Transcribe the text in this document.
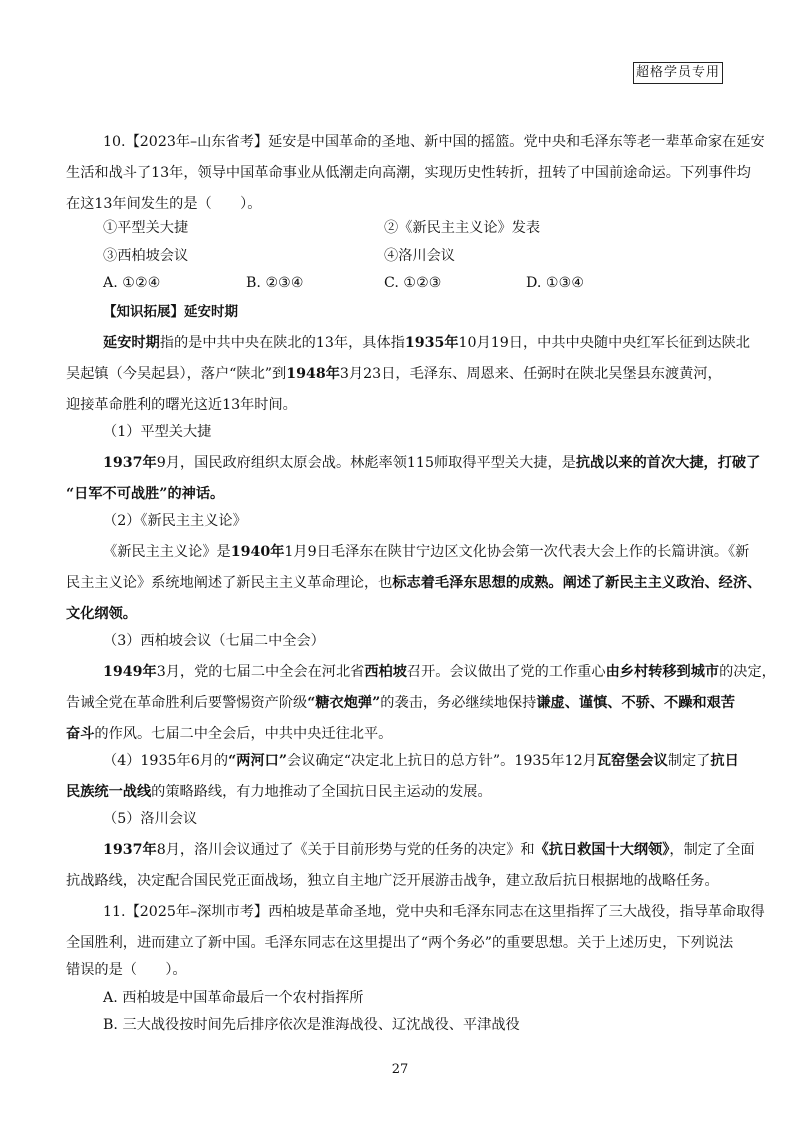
超格学员专用
10.【2023年–山东省考】延安是中国革命的圣地、新中国的摇篮。党中央和毛泽东等老一辈革命家在延安
生活和战斗了13年，领导中国革命事业从低潮走向高潮，实现历史性转折，扭转了中国前途命运。下列事件均
在这13年间发生的是（　　）。
①平型关大捷	②《新民主主义论》发表
③西柏坡会议	④洛川会议
A. ①②④	B. ②③④	C. ①②③	D. ①③④
【知识拓展】延安时期
延安时期指的是中共中央在陕北的13年，具体指1935年10月19日，中共中央随中央红军长征到达陕北
吴起镇（今吴起县），落户“陕北”到1948年3月23日，毛泽东、周恩来、任弼时在陕北吴堡县东渡黄河，
迎接革命胜利的曙光这近13年时间。
（1）平型关大捷
1937年9月，国民政府组织太原会战。林彪率领115师取得平型关大捷，是抗战以来的首次大捷，打破了
“日军不可战胜”的神话。
（2）《新民主主义论》
《新民主主义论》是1940年1月9日毛泽东在陕甘宁边区文化协会第一次代表大会上作的长篇讲演。《新
民主主义论》系统地阐述了新民主主义革命理论，也标志着毛泽东思想的成熟。阐述了新民主主义政治、经济、
文化纲领。
（3）西柏坡会议（七届二中全会）
1949年3月，党的七届二中全会在河北省西柏坡召开。会议做出了党的工作重心由乡村转移到城市的决定，
告诫全党在革命胜利后要警惕资产阶级“糖衣炮弹”的袭击，务必继续地保持谦虚、谨慎、不骄、不躁和艰苦
奋斗的作风。七届二中全会后，中共中央迁往北平。
（4）1935年6月的“两河口”会议确定“决定北上抗日的总方针”。1935年12月瓦窑堡会议制定了抗日
民族统一战线的策略路线，有力地推动了全国抗日民主运动的发展。
（5）洛川会议
1937年8月，洛川会议通过了《关于目前形势与党的任务的决定》和《抗日救国十大纲领》，制定了全面
抗战路线，决定配合国民党正面战场，独立自主地广泛开展游击战争，建立敌后抗日根据地的战略任务。
11.【2025年–深圳市考】西柏坡是革命圣地，党中央和毛泽东同志在这里指挥了三大战役，指导革命取得
全国胜利，进而建立了新中国。毛泽东同志在这里提出了“两个务必”的重要思想。关于上述历史，下列说法
错误的是（　　）。
A. 西柏坡是中国革命最后一个农村指挥所
B. 三大战役按时间先后排序依次是淮海战役、辽沈战役、平津战役
27
